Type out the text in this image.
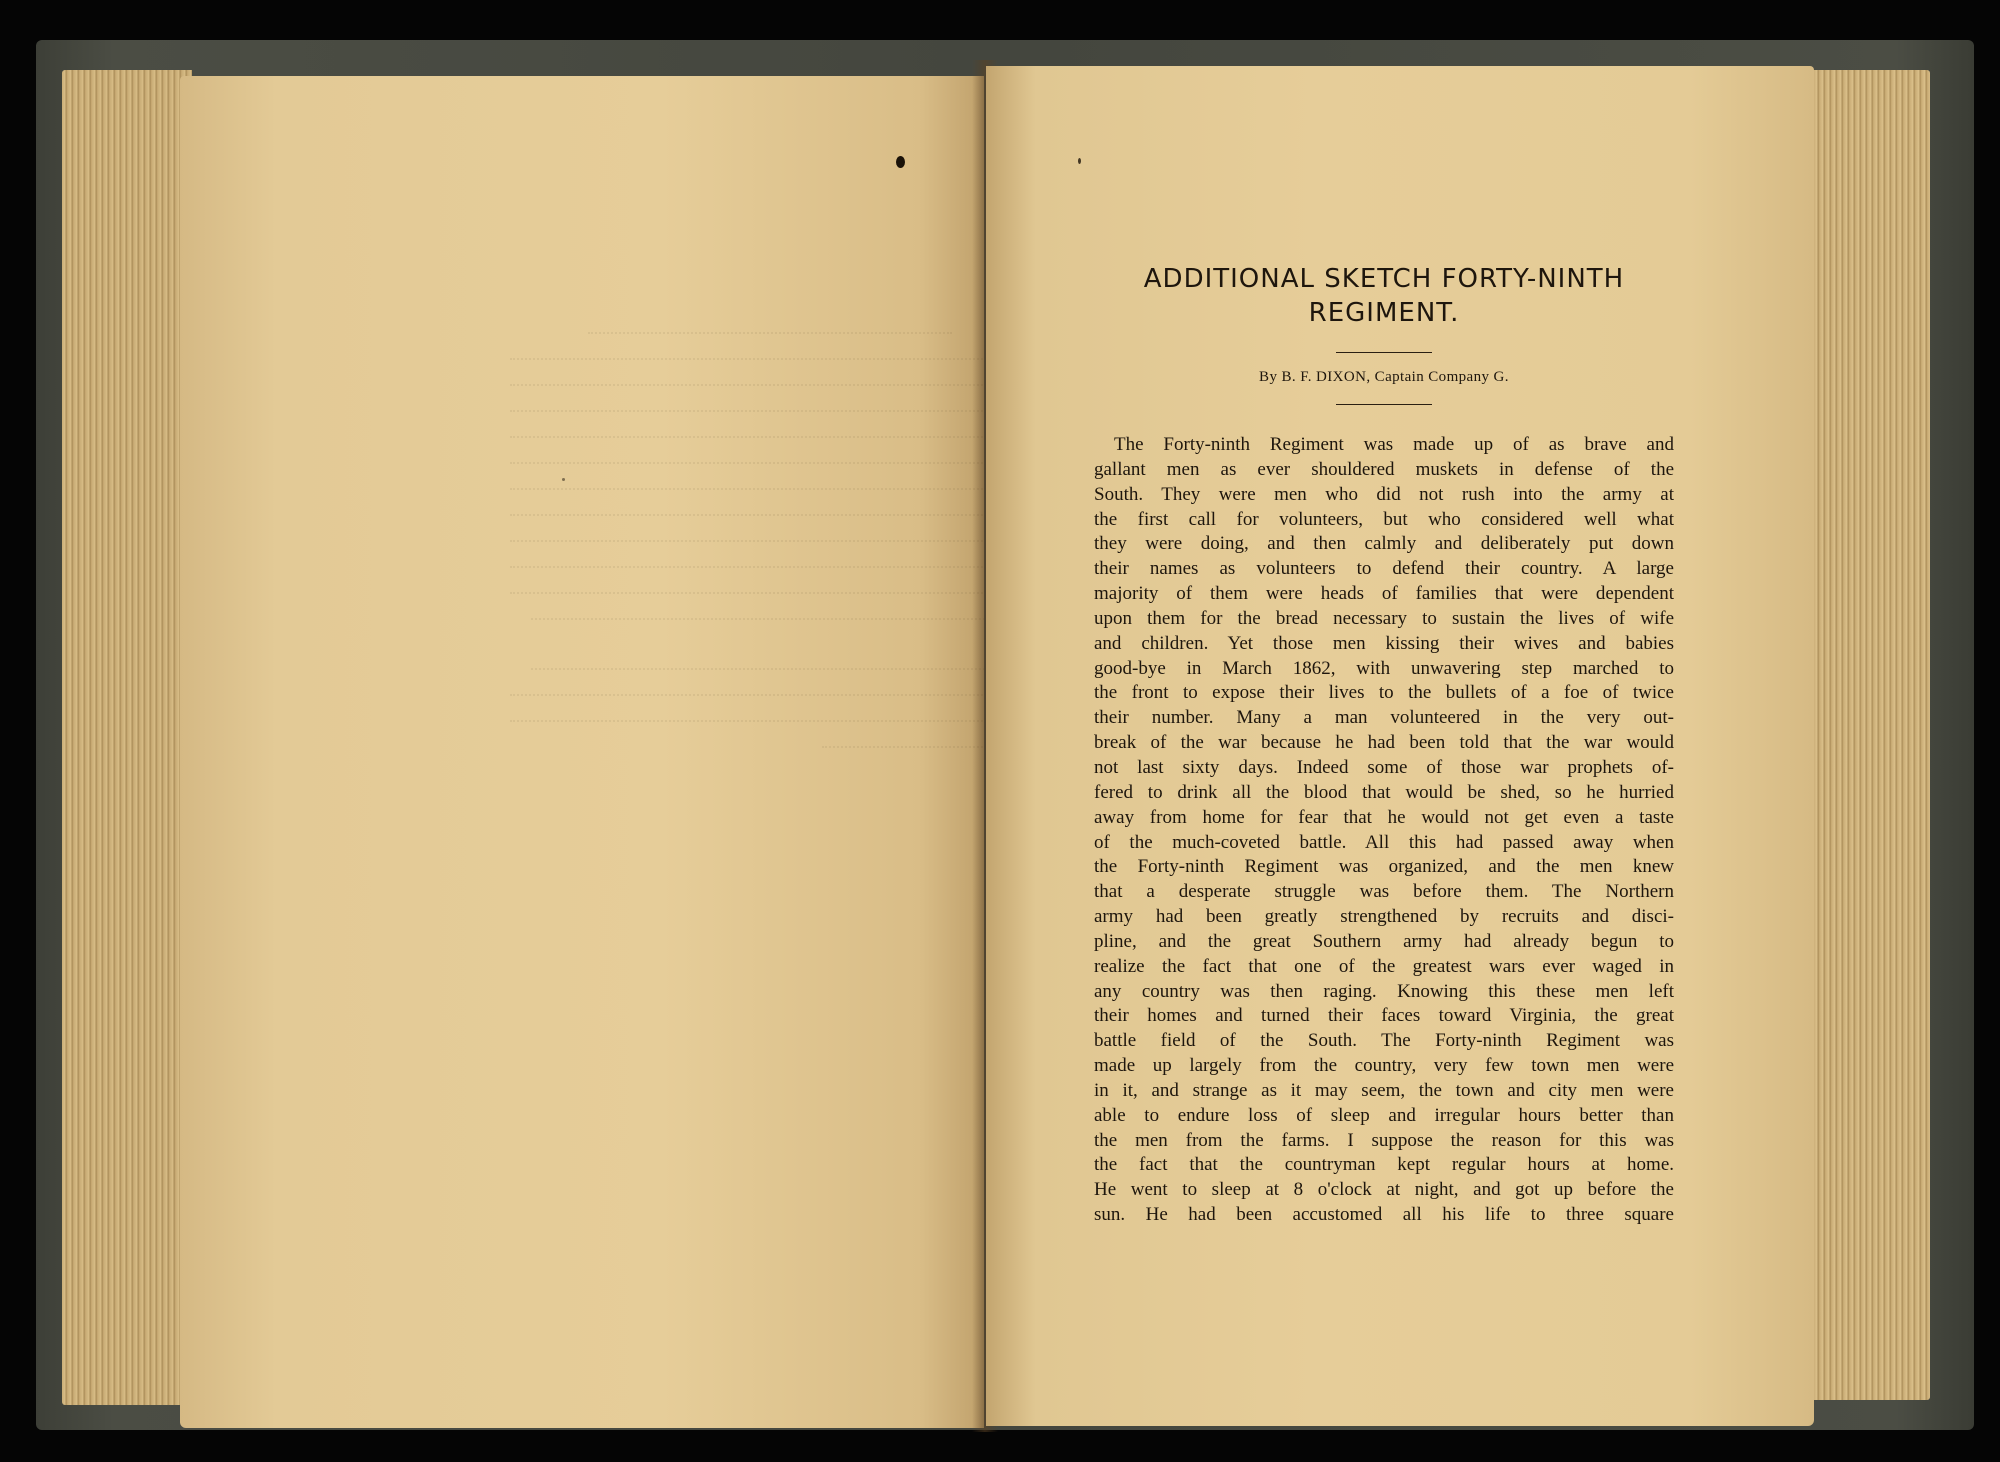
ADDITIONAL SKETCH FORTY-NINTH REGIMENT.
By B. F. DIXON, Captain Company G.
The Forty-ninth Regiment was made up of as brave and
gallant men as ever shouldered muskets in defense of the
South. They were men who did not rush into the army at
the first call for volunteers, but who considered well what
they were doing, and then calmly and deliberately put down
their names as volunteers to defend their country. A large
majority of them were heads of families that were dependent
upon them for the bread necessary to sustain the lives of wife
and children. Yet those men kissing their wives and babies
good-bye in March 1862, with unwavering step marched to
the front to expose their lives to the bullets of a foe of twice
their number. Many a man volunteered in the very out-
break of the war because he had been told that the war would
not last sixty days. Indeed some of those war prophets of-
fered to drink all the blood that would be shed, so he hurried
away from home for fear that he would not get even a taste
of the much-coveted battle. All this had passed away when
the Forty-ninth Regiment was organized, and the men knew
that a desperate struggle was before them. The Northern
army had been greatly strengthened by recruits and disci-
pline, and the great Southern army had already begun to
realize the fact that one of the greatest wars ever waged in
any country was then raging. Knowing this these men left
their homes and turned their faces toward Virginia, the great
battle field of the South. The Forty-ninth Regiment was
made up largely from the country, very few town men were
in it, and strange as it may seem, the town and city men were
able to endure loss of sleep and irregular hours better than
the men from the farms. I suppose the reason for this was
the fact that the countryman kept regular hours at home.
He went to sleep at 8 o'clock at night, and got up before the
sun. He had been accustomed all his life to three square
